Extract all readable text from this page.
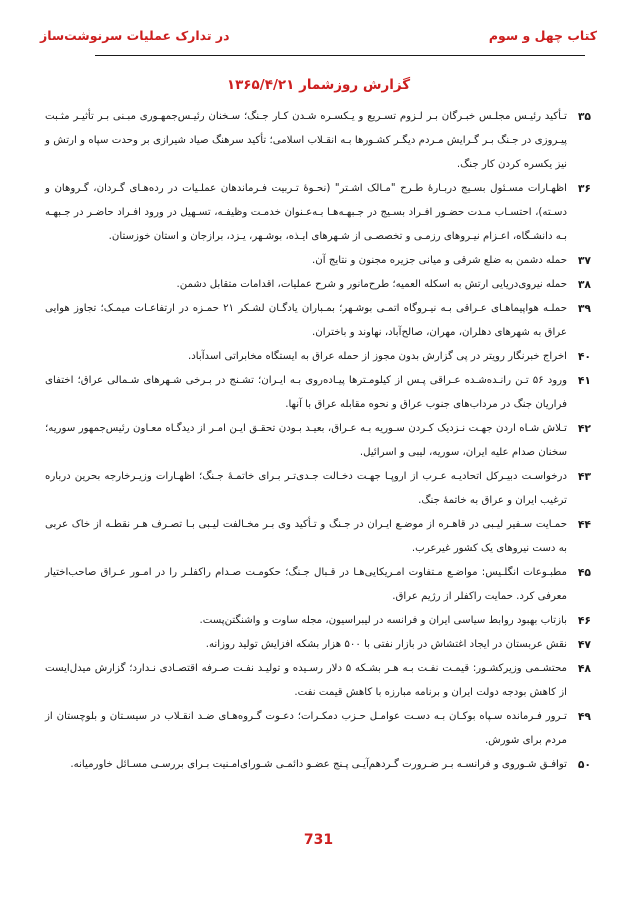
کتاب چهل و سوم
در تدارک عملیات سرنوشت‌ساز
گزارش روزشمار ۱۳۶۵/۴/۲۱
۳۵
تـأکید رئیـس مجلـس خبـرگان بـر لـزوم تسـریع و یـکسـره شـدن کـار جـنگ؛ سـخنان رئیـس‌جمهـوری مبـنی بـر تأثیـر مثـبت پیـروزی در جـنگ بـر گـرایش مـردم دیگـر کشـورها بـه انقـلاب اسلامی؛ تأکید سرهنگ صیاد شیرازی بر وحدت سپاه و ارتش و نیز یکسره کردن کار جنگ.
۳۶
اظهـارات مسـئول بسـیج دربـارۀ طـرح "مـالک اشـتر" (نحـوۀ تـربیت فـرماندهان عملـیات در رده‌هـای گـردان، گـروهان و دسـته)، احتسـاب مـدت حضـور افـراد بسـیج در جـبهـه‌هـا بـه‌عـنوان خدمـت وظیفـه، تسـهیل در ورود افـراد حاضـر در جـبهـه بـه دانشـگاه، اعـزام نیـروهای رزمـی و تخصصـی از شـهرهای ایـذه، بوشـهر، یـزد، برازجان و استان خوزستان.
۳۷
حمله دشمن به ضلع شرقی و میانی جزیره مجنون و نتایج آن.
۳۸
حمله نیروی‌دریایی ارتش به اسکله العمیه؛ طرح‌مانور و شرح عملیات، اقدامات متقابل دشمن.
۳۹
حملـه هواپیماهـای عـراقی بـه نیـروگاه اتمـی بوشـهر؛ بمـباران یادگـان لشـکر ۲۱ حمـزه در ارتفاعـات میمـک؛ تجاوز هوایی عراق به شهرهای دهلران، مهران، صالح‌آباد، نهاوند و باختران.
۴۰
اخراج خبرنگار رویتر در پی گزارش بدون مجوز از حمله عراق به ایستگاه مخابراتی اسدآباد.
۴۱
ورود ۵۶ تـن رانـده‌شـده عـراقی پـس از کیلومـترها پیـاده‌روی بـه ایـران؛ تشـنج در بـرخی شـهرهای شـمالی عراق؛ اختفای فراریان جنگ در مرداب‌های جنوب عراق و نحوه مقابله عراق با آنها.
۴۲
تـلاش شـاه اردن جهـت نـزدیک کـردن سـوریه بـه عـراق، بعیـد بـودن تحقـق ایـن امـر از دیدگـاه معـاون رئیس‌جمهور سوریه؛ سخنان صدام علیه ایران، سوریه، لیبی و اسرائیل.
۴۳
درخواسـت دبیـرکل اتحادیـه عـرب از اروپـا جهـت دخـالت جـدی‌تـر بـرای خاتمـۀ جـنگ؛ اظهـارات وزیـرخارجه بحرین درباره ترغیب ایران و عراق به خاتمۀ جنگ.
۴۴
حمـایت سـفیر لیـبی در قاهـره از موضـع ایـران در جـنگ و تـأکید وی بـر مخـالفت لیـبی بـا تصـرف هـر نقطـه از خاک عربی به دست نیروهای یک کشور غیرعرب.
۴۵
مطبـوعات انگلـیس: مواضـع مـتفاوت امـریکایی‌هـا در قـبال جـنگ؛ حکومـت صـدام راکفلـر را در امـور عـراق صاحب‌اختیار معرفی کرد. حمایت راکفلر از رژیم عراق.
۴۶
بازتاب بهبود روابط سیاسی ایران و فرانسه در لیبراسیون، مجله ساوت و واشنگتن‌پست.
۴۷
نقش عربستان در ایجاد اغتشاش در بازار نفتی با ۵۰۰ هزار بشکه افزایش تولید روزانه.
۴۸
محتشـمی وزیرکشـور: قیمـت نفـت بـه هـر بشـکه ۵ دلار رسـیده و تولیـد نفـت صـرفه اقتصـادی نـدارد؛ گزارش میدل‌ایست از کاهش بودجه دولت ایران و برنامه مبارزه با کاهش قیمت نفت.
۴۹
تـرور فـرمانده سـپاه بوکـان بـه دسـت عوامـل حـزب دمکـرات؛ دعـوت گـروه‌هـای ضـد انقـلاب در سیسـتان و بلوچستان از مردم برای شورش.
۵۰
توافـق شـوروی و فرانسـه بـر ضـرورت گـردهم‌آیـی پـنج عضـو دائمـی شـورای‌امـنیت بـرای بررسـی مسـائل خاورمیانه.
731
